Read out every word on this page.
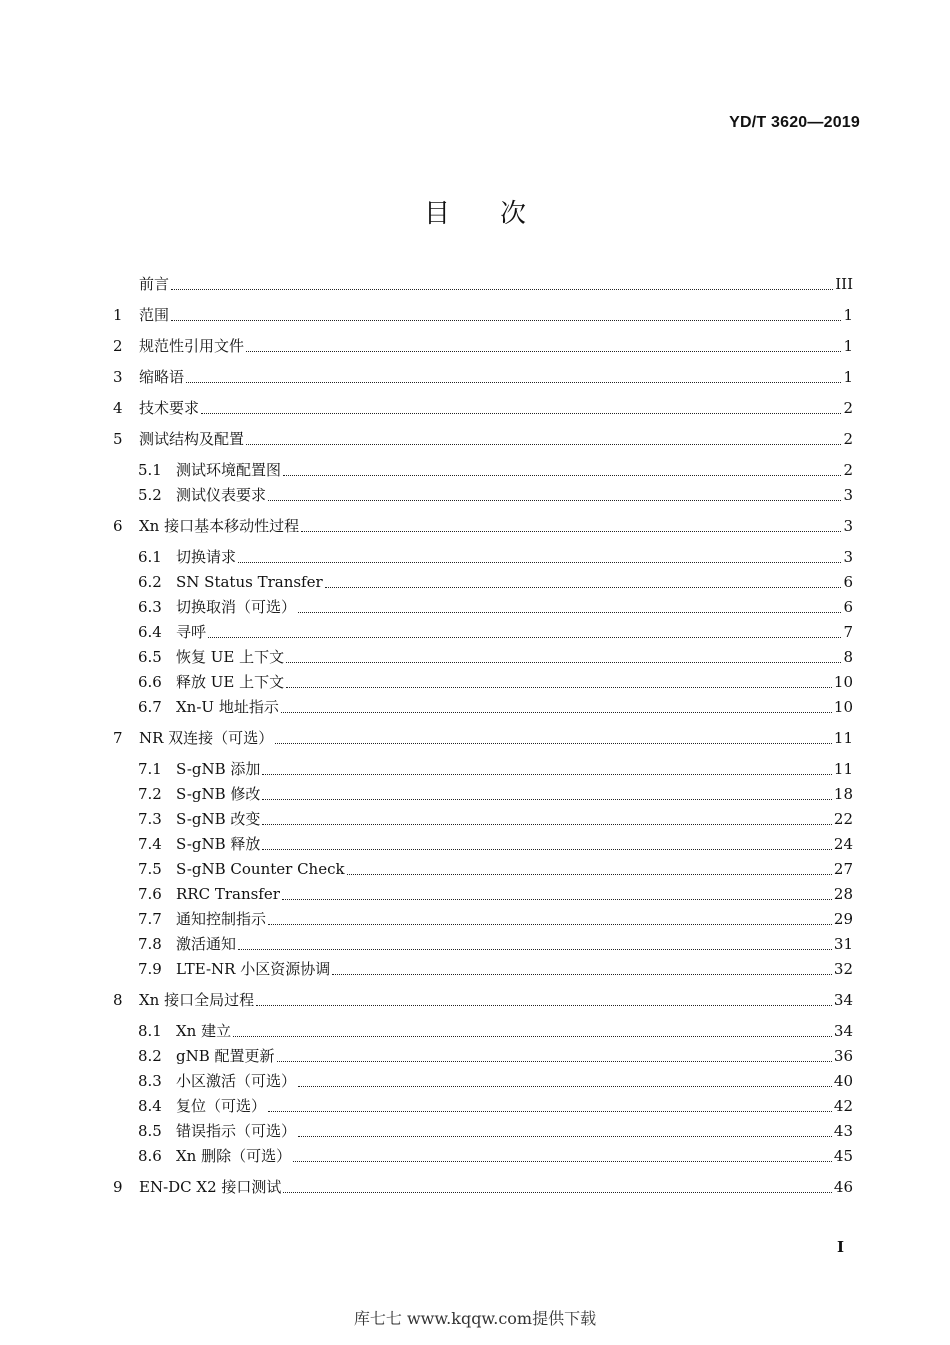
YD/T 3620—2019
目次
前言	III
1	范围	1
2	规范性引用文件	1
3	缩略语	1
4	技术要求	2
5	测试结构及配置	2
5.1 测试环境配置图	2
5.2 测试仪表要求	3
6	Xn 接口基本移动性过程	3
6.1 切换请求	3
6.2 SN Status Transfer	6
6.3 切换取消（可选）	6
6.4 寻呼	7
6.5 恢复 UE 上下文	8
6.6 释放 UE 上下文	10
6.7 Xn-U 地址指示	10
7	NR 双连接（可选）	11
7.1 S-gNB 添加	11
7.2 S-gNB 修改	18
7.3 S-gNB 改变	22
7.4 S-gNB 释放	24
7.5 S-gNB Counter Check	27
7.6 RRC Transfer	28
7.7 通知控制指示	29
7.8 激活通知	31
7.9 LTE-NR 小区资源协调	32
8	Xn 接口全局过程	34
8.1 Xn 建立	34
8.2 gNB 配置更新	36
8.3 小区激活（可选）	40
8.4 复位（可选）	42
8.5 错误指示（可选）	43
8.6 Xn 删除（可选）	45
9	EN-DC X2 接口测试	46
I
库七七 www.kqqw.com提供下载
